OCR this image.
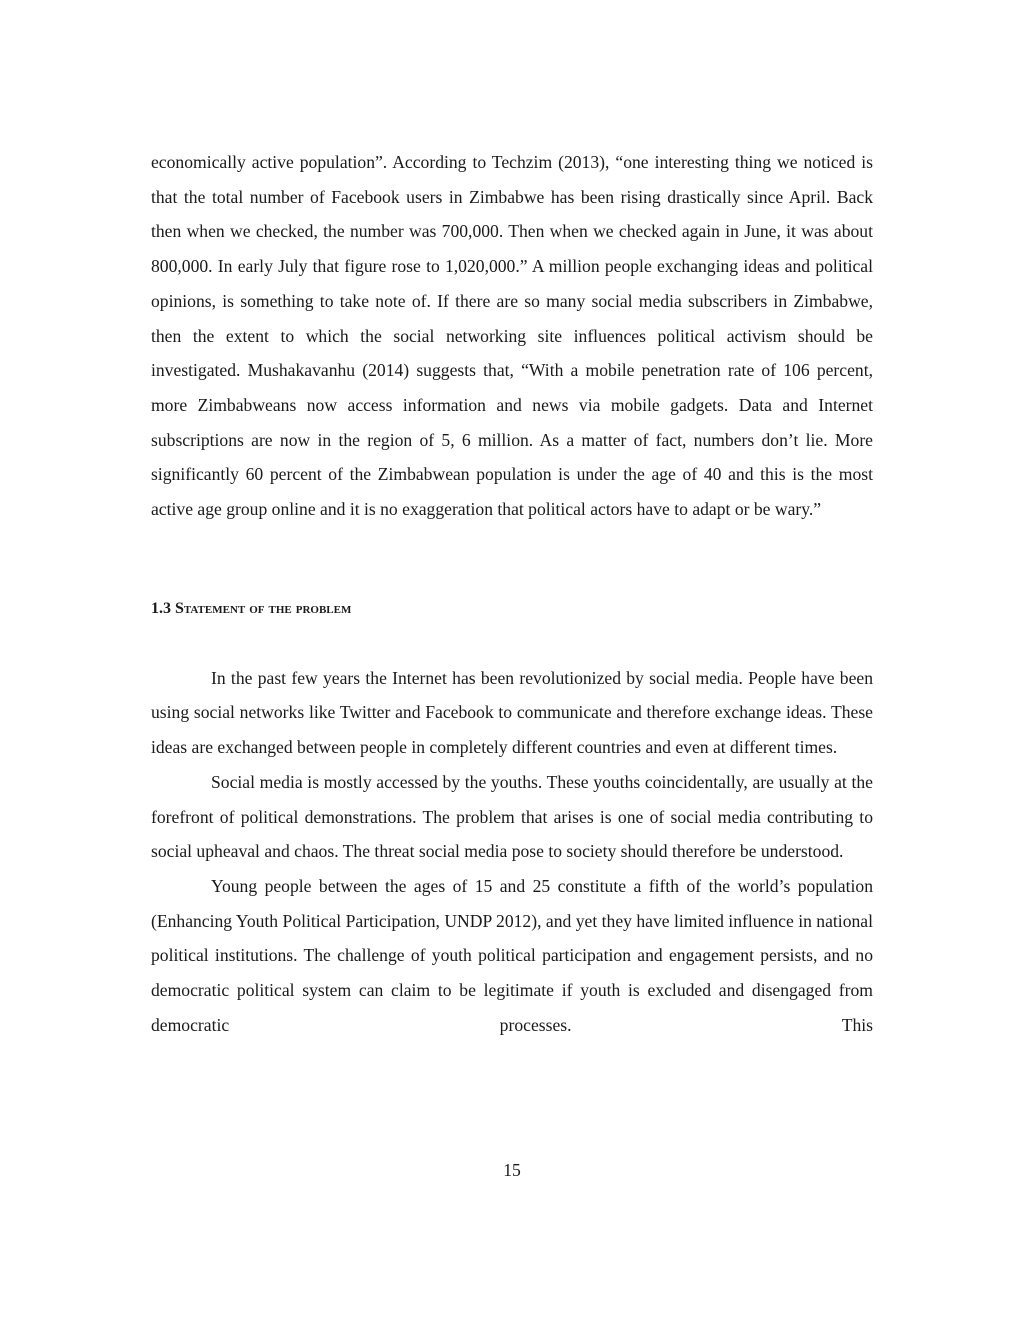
economically active population”. According to Techzim (2013), “one interesting thing we noticed is that the total number of Facebook users in Zimbabwe has been rising drastically since April. Back then when we checked, the number was 700,000. Then when we checked again in June, it was about 800,000. In early July that figure rose to 1,020,000.” A million people exchanging ideas and political opinions, is something to take note of. If there are so many social media subscribers in Zimbabwe, then the extent to which the social networking site influences political activism should be investigated. Mushakavanhu (2014) suggests that, “With a mobile penetration rate of 106 percent, more Zimbabweans now access information and news via mobile gadgets. Data and Internet subscriptions are now in the region of 5, 6 million. As a matter of fact, numbers don’t lie. More significantly 60 percent of the Zimbabwean population is under the age of 40 and this is the most active age group online and it is no exaggeration that political actors have to adapt or be wary.”

1.3 Statement of the problem

In the past few years the Internet has been revolutionized by social media. People have been using social networks like Twitter and Facebook to communicate and therefore exchange ideas. These ideas are exchanged between people in completely different countries and even at different times.

Social media is mostly accessed by the youths. These youths coincidentally, are usually at the forefront of political demonstrations. The problem that arises is one of social media contributing to social upheaval and chaos. The threat social media pose to society should therefore be understood.

Young people between the ages of 15 and 25 constitute a fifth of the world’s population (Enhancing Youth Political Participation, UNDP 2012), and yet they have limited influence in national political institutions. The challenge of youth political participation and engagement persists, and no democratic political system can claim to be legitimate if youth is excluded and disengaged from democratic processes. This

15
